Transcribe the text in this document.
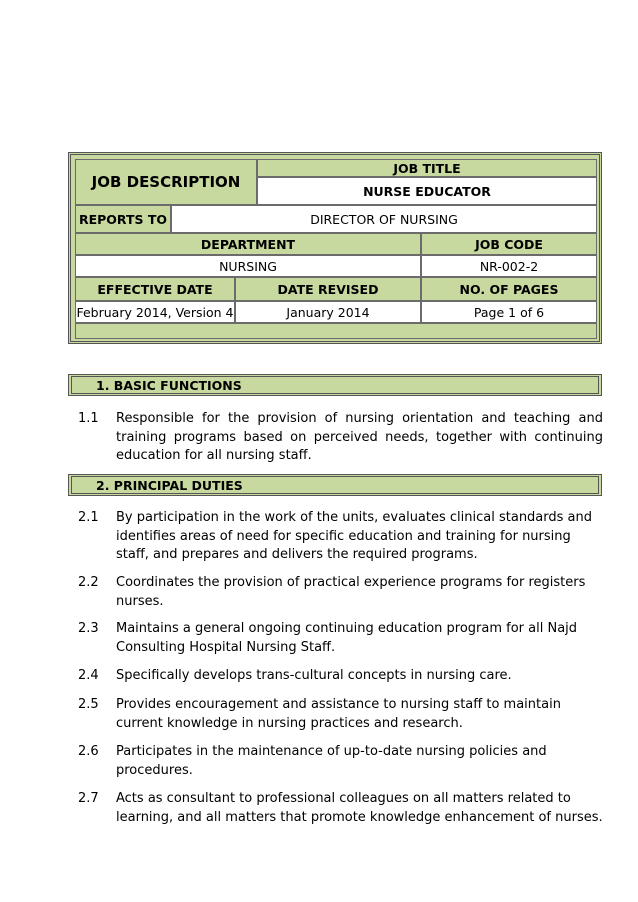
JOB DESCRIPTION
JOB TITLE
NURSE EDUCATOR
REPORTS TO	DIRECTOR OF NURSING
DEPARTMENT	JOB CODE
NURSING	NR-002-2
EFFECTIVE DATE	DATE REVISED	NO. OF PAGES
February 2014, Version 4	January 2014	Page 1 of 6
1. BASIC FUNCTIONS
1.1	Responsible for the provision of nursing orientation and teaching and training programs based on perceived needs, together with continuing education for all nursing staff.
2. PRINCIPAL DUTIES
2.1	By participation in the work of the units, evaluates clinical standards and identifies areas of need for specific education and training for nursing staff, and prepares and delivers the required programs.
2.2	Coordinates the provision of practical experience programs for registers nurses.
2.3	Maintains a general ongoing continuing education program for all Najd Consulting Hospital Nursing Staff.
2.4	Specifically develops trans-cultural concepts in nursing care.
2.5	Provides encouragement and assistance to nursing staff to maintain current knowledge in nursing practices and research.
2.6	Participates in the maintenance of up-to-date nursing policies and procedures.
2.7	Acts as consultant to professional colleagues on all matters related to learning, and all matters that promote knowledge enhancement of nurses.
